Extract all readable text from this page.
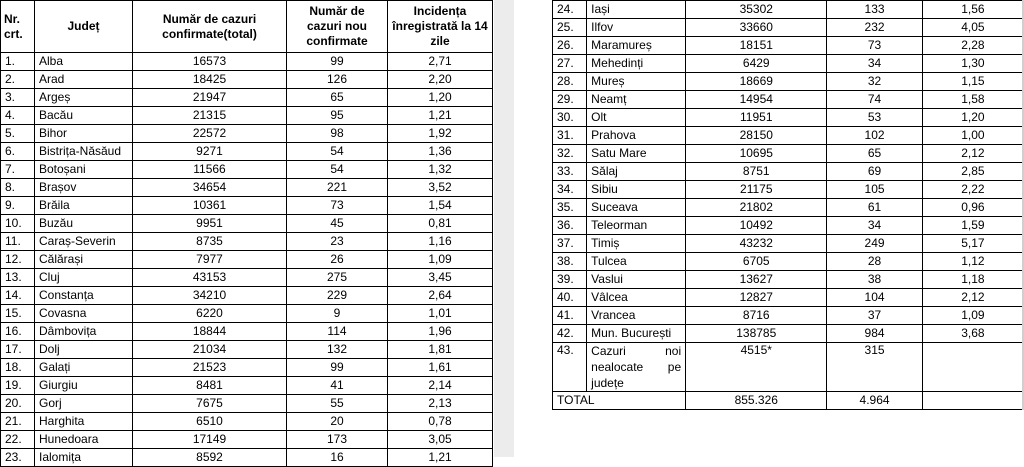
Nr. crt.	Județ	Număr de cazuri confirmate(total)	Număr de cazuri nou confirmate	Incidența înregistrată la 14 zile
1.	Alba	16573	99	2,71
2.	Arad	18425	126	2,20
3.	Argeș	21947	65	1,20
4.	Bacău	21315	95	1,21
5.	Bihor	22572	98	1,92
6.	Bistrița-Năsăud	9271	54	1,36
7.	Botoșani	11566	54	1,32
8.	Brașov	34654	221	3,52
9.	Brăila	10361	73	1,54
10.	Buzău	9951	45	0,81
11.	Caraș-Severin	8735	23	1,16
12.	Călărași	7977	26	1,09
13.	Cluj	43153	275	3,45
14.	Constanța	34210	229	2,64
15.	Covasna	6220	9	1,01
16.	Dâmbovița	18844	114	1,96
17.	Dolj	21034	132	1,81
18.	Galați	21523	99	1,61
19.	Giurgiu	8481	41	2,14
20.	Gorj	7675	55	2,13
21.	Harghita	6510	20	0,78
22.	Hunedoara	17149	173	3,05
23.	Ialomița	8592	16	1,21
24.	Iași	35302	133	1,56
25.	Ilfov	33660	232	4,05
26.	Maramureș	18151	73	2,28
27.	Mehedinți	6429	34	1,30
28.	Mureș	18669	32	1,15
29.	Neamț	14954	74	1,58
30.	Olt	11951	53	1,20
31.	Prahova	28150	102	1,00
32.	Satu Mare	10695	65	2,12
33.	Sălaj	8751	69	2,85
34.	Sibiu	21175	105	2,22
35.	Suceava	21802	61	0,96
36.	Teleorman	10492	34	1,59
37.	Timiș	43232	249	5,17
38.	Tulcea	6705	28	1,12
39.	Vaslui	13627	38	1,18
40.	Vâlcea	12827	104	2,12
41.	Vrancea	8716	37	1,09
42.	Mun. București	138785	984	3,68
43.	Cazuri noi nealocate pe județe	4515*	315	
TOTAL		855.326	4.964	
